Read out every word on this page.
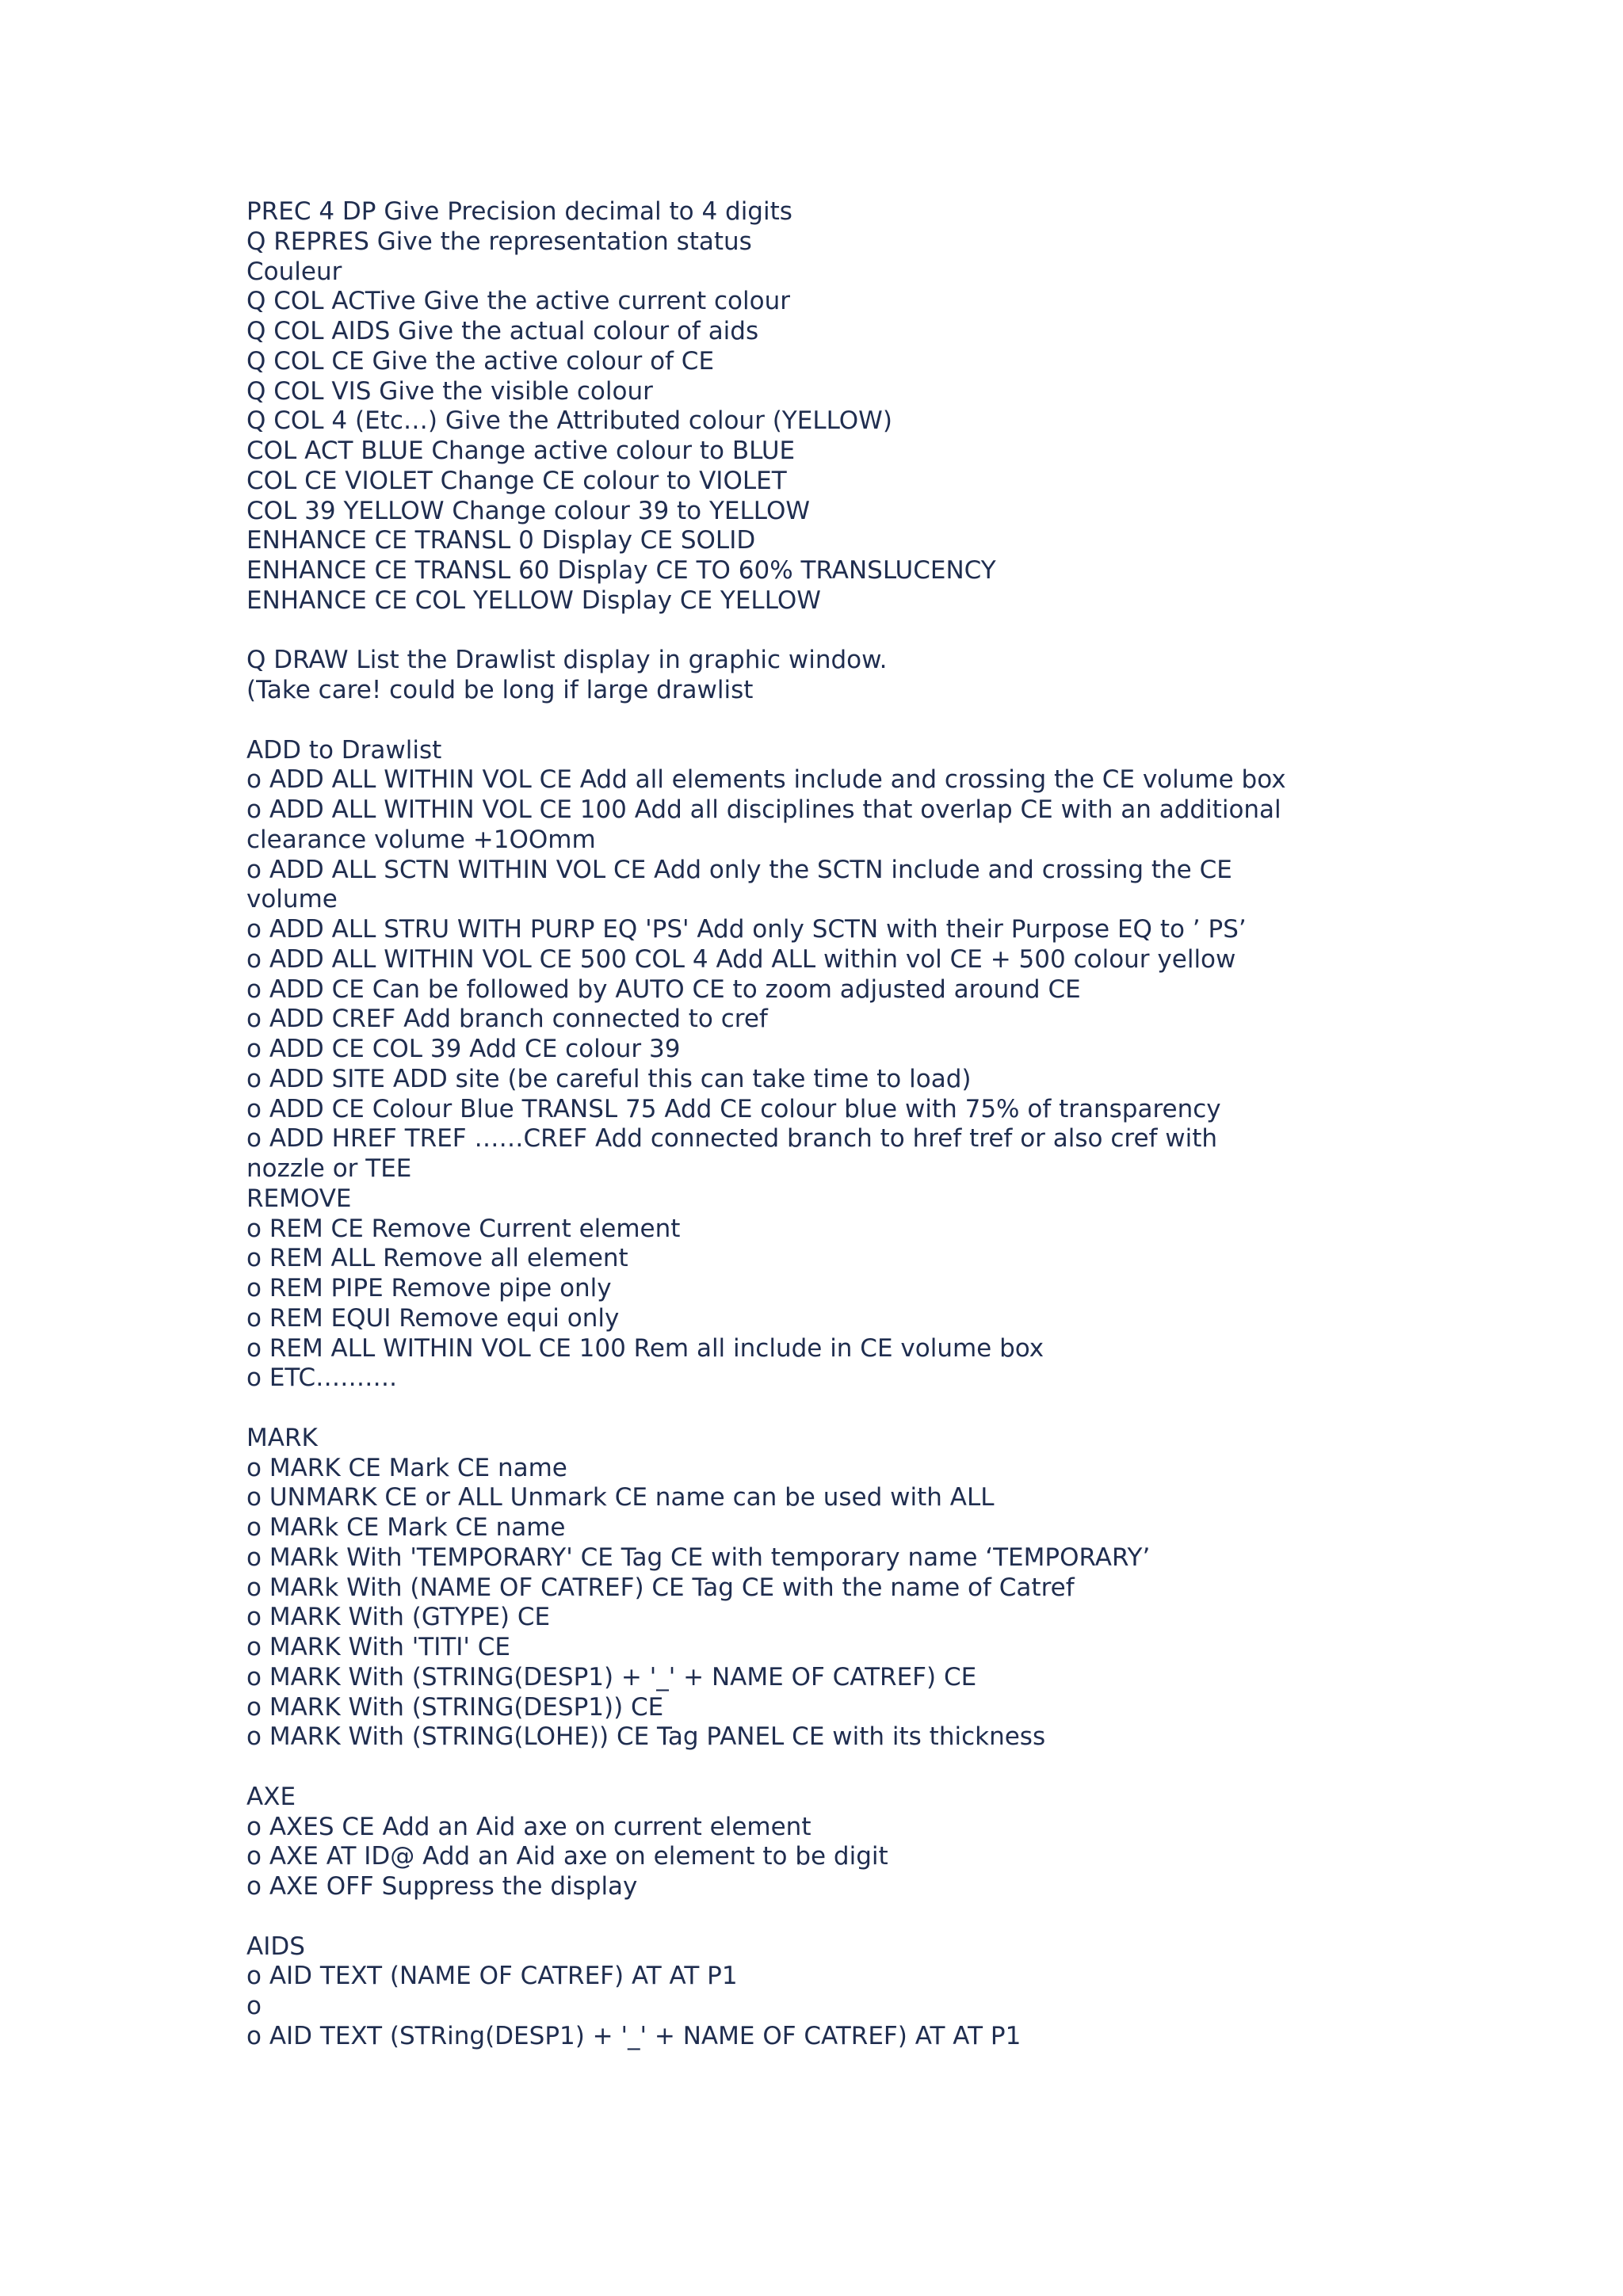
PREC 4 DP Give Precision decimal to 4 digits
Q REPRES Give the representation status
Couleur
Q COL ACTive Give the active current colour
Q COL AIDS Give the actual colour of aids
Q COL CE Give the active colour of CE
Q COL VIS Give the visible colour
Q COL 4 (Etc…) Give the Attributed colour (YELLOW)
COL ACT BLUE Change active colour to BLUE
COL CE VIOLET Change CE colour to VIOLET
COL 39 YELLOW Change colour 39 to YELLOW
ENHANCE CE TRANSL 0 Display CE SOLID
ENHANCE CE TRANSL 60 Display CE TO 60% TRANSLUCENCY
ENHANCE CE COL YELLOW Display CE YELLOW
Q DRAW List the Drawlist display in graphic window.
(Take care! could be long if large drawlist
ADD to Drawlist
o ADD ALL WITHIN VOL CE Add all elements include and crossing the CE volume box
o ADD ALL WITHIN VOL CE 100 Add all disciplines that overlap CE with an additional clearance volume +1OOmm
o ADD ALL SCTN WITHIN VOL CE Add only the SCTN include and crossing the CE volume
o ADD ALL STRU WITH PURP EQ 'PS' Add only SCTN with their Purpose EQ to ’ PS’
o ADD ALL WITHIN VOL CE 500 COL 4 Add ALL within vol CE + 500 colour yellow
o ADD CE Can be followed by AUTO CE to zoom adjusted around CE
o ADD CREF Add branch connected to cref
o ADD CE COL 39 Add CE colour 39
o ADD SITE ADD site (be careful this can take time to load)
o ADD CE Colour Blue TRANSL 75 Add CE colour blue with 75% of transparency
o ADD HREF TREF ……CREF Add connected branch to href tref or also cref with nozzle or TEE
REMOVE
o REM CE Remove Current element
o REM ALL Remove all element
o REM PIPE Remove pipe only
o REM EQUI Remove equi only
o REM ALL WITHIN VOL CE 100 Rem all include in CE volume box
o ETC……….
MARK
o MARK CE Mark CE name
o UNMARK CE or ALL Unmark CE name can be used with ALL
o MARk CE Mark CE name
o MARk With 'TEMPORARY' CE Tag CE with temporary name ‘TEMPORARY’
o MARk With (NAME OF CATREF) CE Tag CE with the name of Catref
o MARK With (GTYPE) CE
o MARK With 'TITI' CE
o MARK With (STRING(DESP1) + '_' + NAME OF CATREF) CE
o MARK With (STRING(DESP1)) CE
o MARK With (STRING(LOHE)) CE Tag PANEL CE with its thickness
AXE
o AXES CE Add an Aid axe on current element
o AXE AT ID@ Add an Aid axe on element to be digit
o AXE OFF Suppress the display
AIDS
o AID TEXT (NAME OF CATREF) AT AT P1
o
o AID TEXT (STRing(DESP1) + '_' + NAME OF CATREF) AT AT P1
